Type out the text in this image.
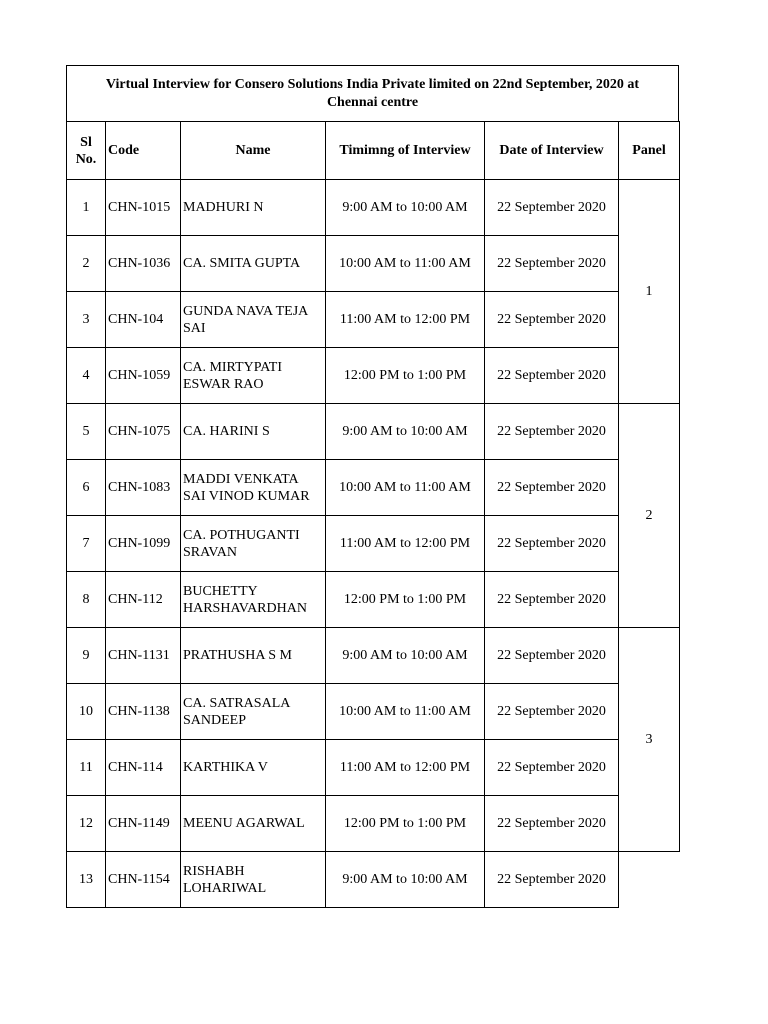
Virtual Interview for Consero Solutions India Private limited on 22nd September, 2020 at Chennai centre
Sl No.	Code	Name	Timimng of Interview	Date of Interview	Panel
1	CHN-1015	MADHURI N	9:00 AM to 10:00 AM	22 September 2020	1
2	CHN-1036	CA. SMITA GUPTA	10:00 AM to 11:00 AM	22 September 2020	
3	CHN-104	GUNDA NAVA TEJA SAI	11:00 AM to 12:00 PM	22 September 2020	
4	CHN-1059	CA. MIRTYPATI ESWAR RAO	12:00 PM to 1:00 PM	22 September 2020	
5	CHN-1075	CA. HARINI S	9:00 AM to 10:00 AM	22 September 2020	2
6	CHN-1083	MADDI VENKATA SAI VINOD KUMAR	10:00 AM to 11:00 AM	22 September 2020	
7	CHN-1099	CA. POTHUGANTI SRAVAN	11:00 AM to 12:00 PM	22 September 2020	
8	CHN-112	BUCHETTY HARSHAVARDHAN	12:00 PM to 1:00 PM	22 September 2020	
9	CHN-1131	PRATHUSHA S M	9:00 AM to 10:00 AM	22 September 2020	3
10	CHN-1138	CA. SATRASALA SANDEEP	10:00 AM to 11:00 AM	22 September 2020	
11	CHN-114	KARTHIKA V	11:00 AM to 12:00 PM	22 September 2020	
12	CHN-1149	MEENU AGARWAL	12:00 PM to 1:00 PM	22 September 2020	
13	CHN-1154	RISHABH LOHARIWAL	9:00 AM to 10:00 AM	22 September 2020	
